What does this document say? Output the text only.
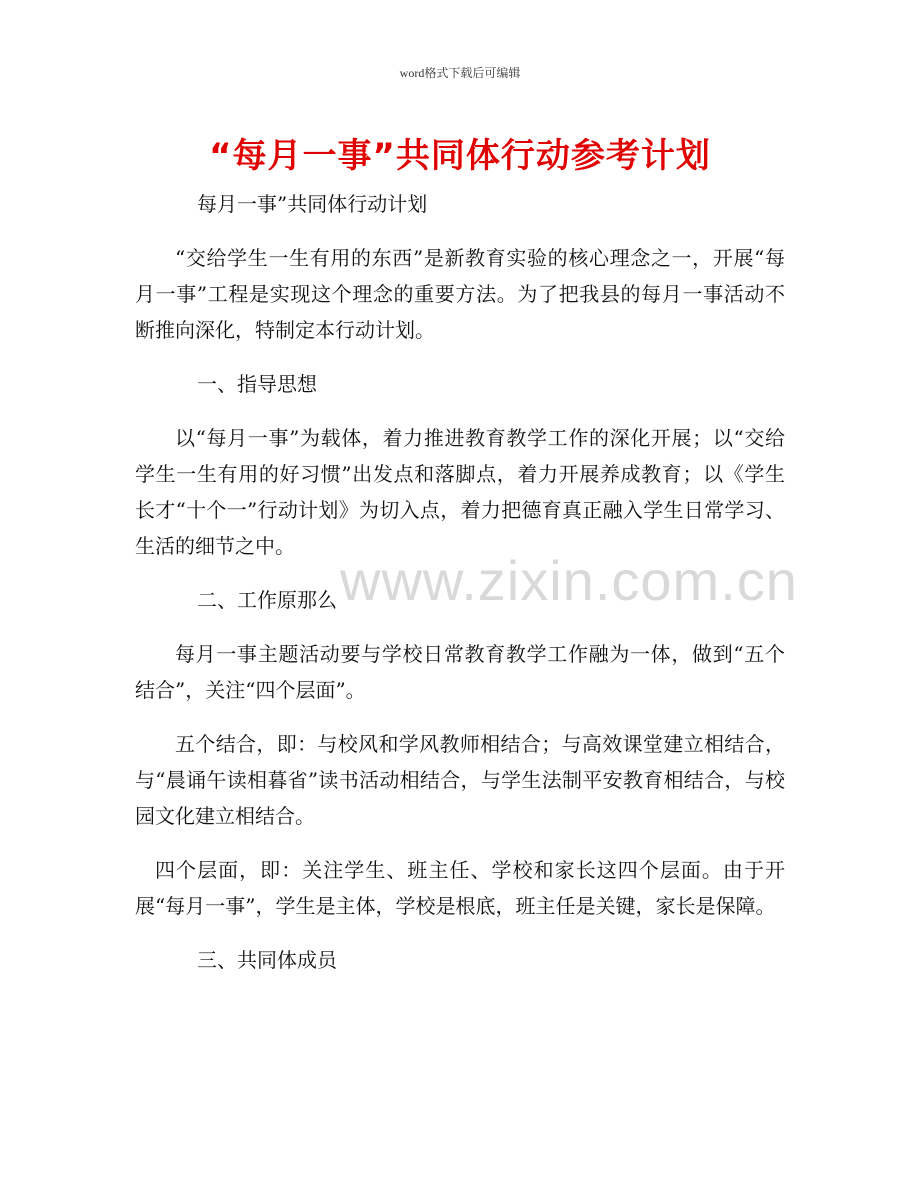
word格式下载后可编辑
“每月一事”共同体行动参考计划
www.zixin.com.cn

每月一事”共同体行动计划

“交给学生一生有用的东西”是新教育实验的核心理念之一，开展“每月一事”工程是实现这个理念的重要方法。为了把我县的每月一事活动不断推向深化，特制定本行动计划。

一、指导思想

以“每月一事”为载体，着力推进教育教学工作的深化开展；以“交给学生一生有用的好习惯”出发点和落脚点，着力开展养成教育；以《学生长才“十个一”行动计划》为切入点，着力把德育真正融入学生日常学习、生活的细节之中。

二、工作原那么

每月一事主题活动要与学校日常教育教学工作融为一体，做到“五个结合”，关注“四个层面”。

五个结合，即：与校风和学风教师相结合；与高效课堂建立相结合，与“晨诵午读相暮省”读书活动相结合，与学生法制平安教育相结合，与校园文化建立相结合。

四个层面，即：关注学生、班主任、学校和家长这四个层面。由于开展“每月一事”，学生是主体，学校是根底，班主任是关键，家长是保障。

三、共同体成员
